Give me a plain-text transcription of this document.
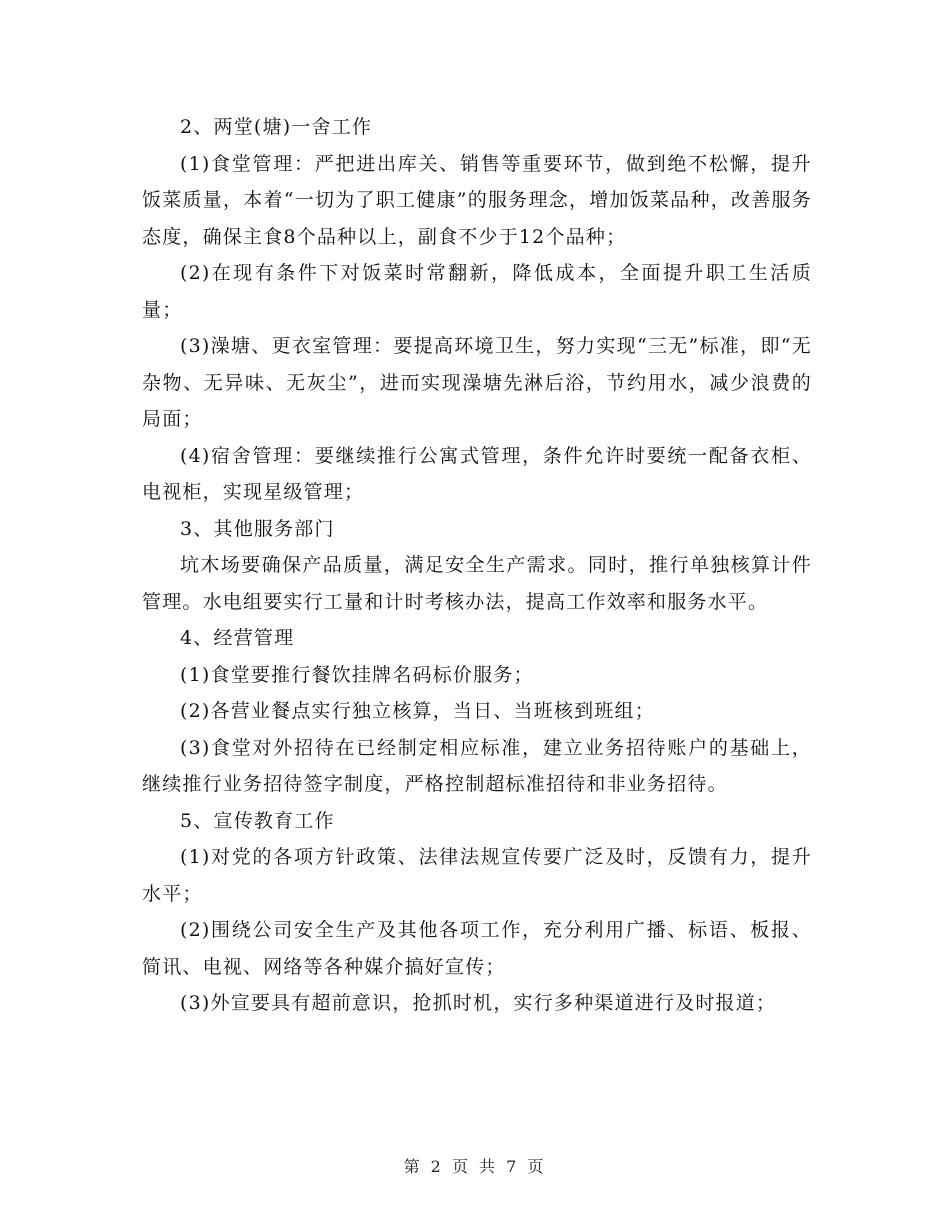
2、两堂(塘)一舍工作

(1)食堂管理：严把进出库关、销售等重要环节，做到绝不松懈，提升饭菜质量，本着“一切为了职工健康”的服务理念，增加饭菜品种，改善服务态度，确保主食8个品种以上，副食不少于12个品种；

(2)在现有条件下对饭菜时常翻新，降低成本，全面提升职工生活质量；

(3)澡塘、更衣室管理：要提高环境卫生，努力实现“三无”标准，即“无杂物、无异味、无灰尘”，进而实现澡塘先淋后浴，节约用水，减少浪费的局面；

(4)宿舍管理：要继续推行公寓式管理，条件允许时要统一配备衣柜、电视柜，实现星级管理；

3、其他服务部门

坑木场要确保产品质量，满足安全生产需求。同时，推行单独核算计件管理。水电组要实行工量和计时考核办法，提高工作效率和服务水平。

4、经营管理

(1)食堂要推行餐饮挂牌名码标价服务；

(2)各营业餐点实行独立核算，当日、当班核到班组；

(3)食堂对外招待在已经制定相应标准，建立业务招待账户的基础上，继续推行业务招待签字制度，严格控制超标准招待和非业务招待。

5、宣传教育工作

(1)对党的各项方针政策、法律法规宣传要广泛及时，反馈有力，提升水平；

(2)围绕公司安全生产及其他各项工作，充分利用广播、标语、板报、简讯、电视、网络等各种媒介搞好宣传；

(3)外宣要具有超前意识，抢抓时机，实行多种渠道进行及时报道；

第 2 页 共 7 页
